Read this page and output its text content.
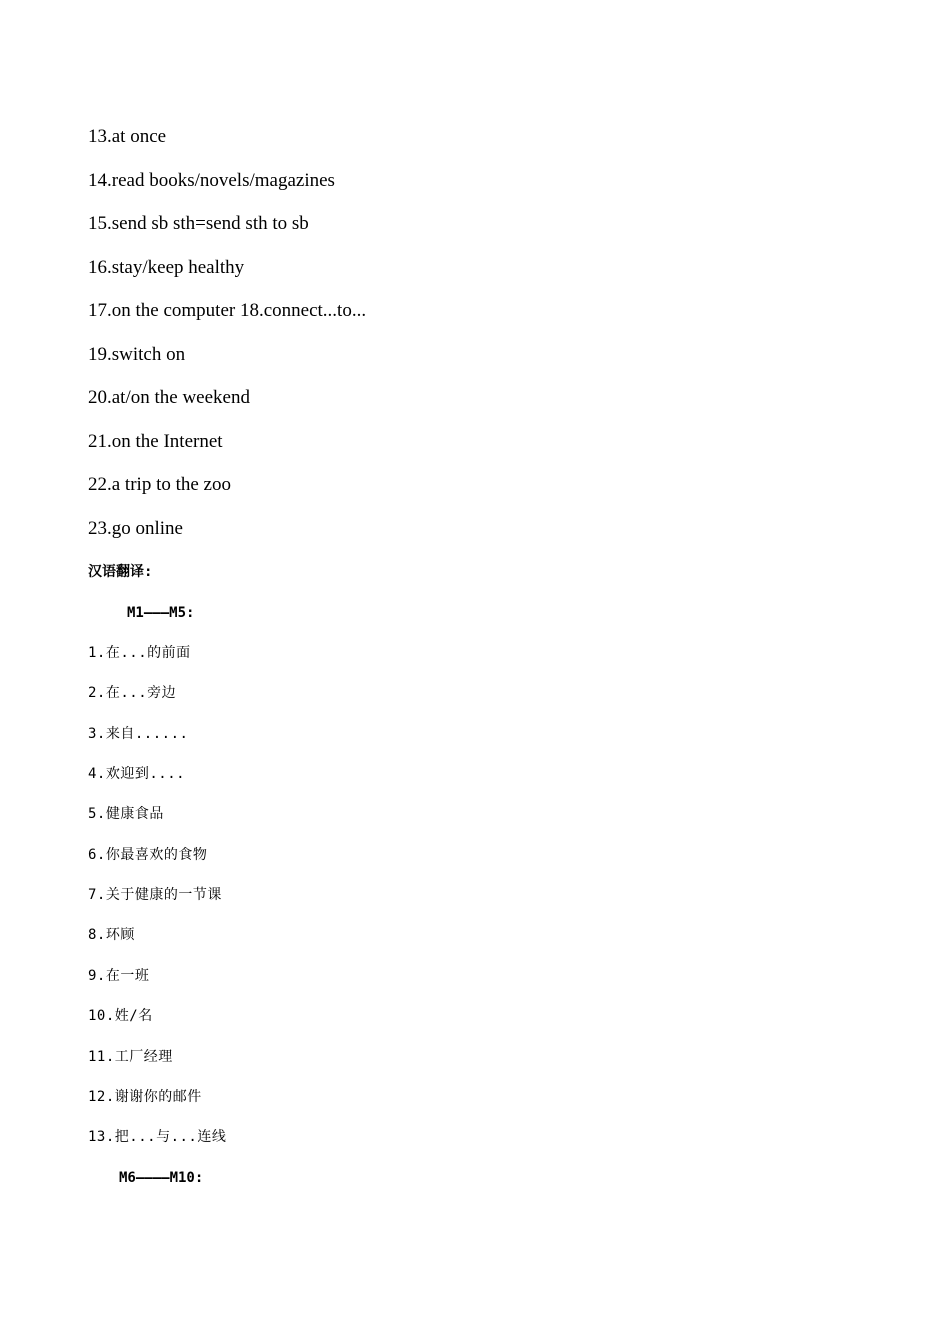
13.at once
14.read books/novels/magazines
15.send sb sth=send sth to sb
16.stay/keep healthy
17.on the computer 18.connect...to...
19.switch on
20.at/on the weekend
21.on the Internet
22.a trip to the zoo
23.go online
汉语翻译:
M1———M5:
1.在...的前面
2.在...旁边
3.来自......
4.欢迎到....
5.健康食品
6.你最喜欢的食物
7.关于健康的一节课
8.环顾
9.在一班
10.姓/名
11.工厂经理
12.谢谢你的邮件
13.把...与...连线
M6————M10:
